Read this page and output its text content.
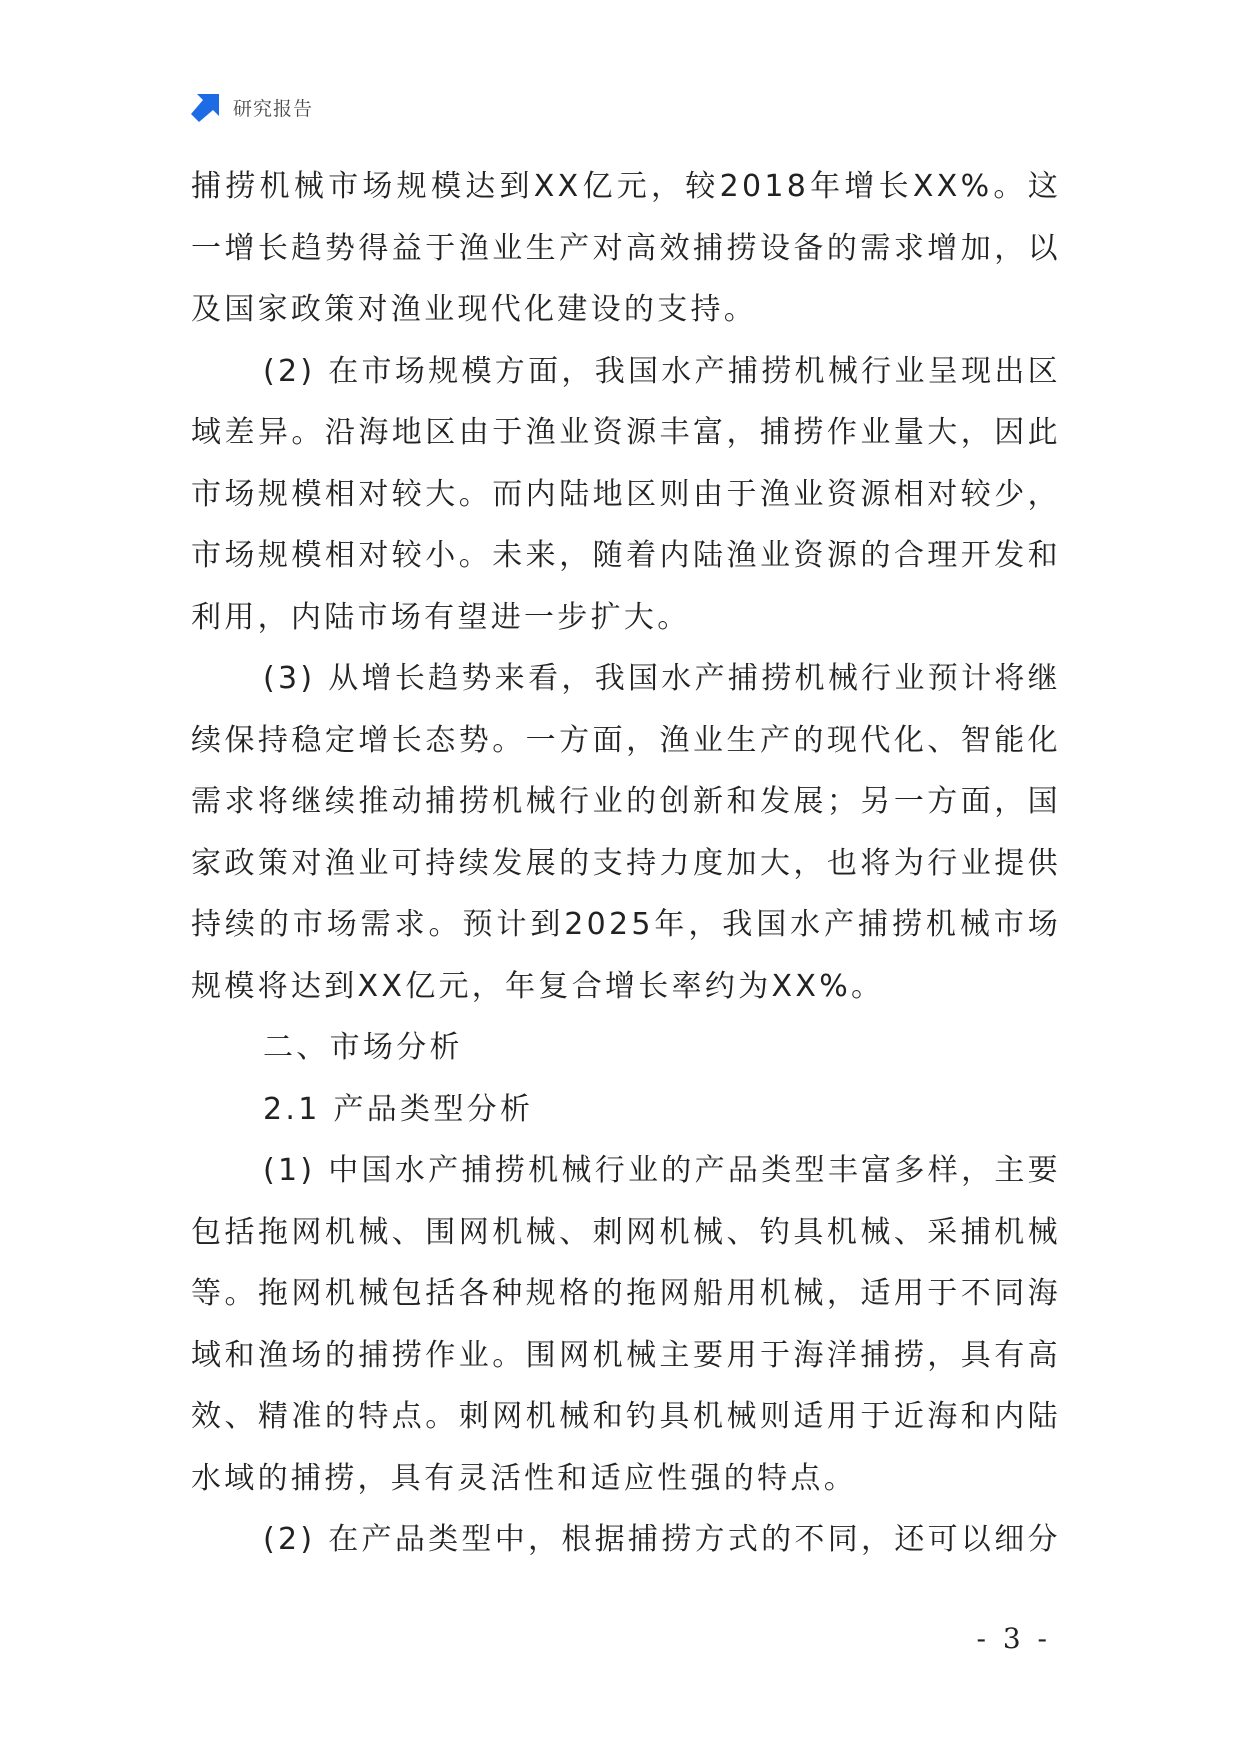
研究报告

捕捞机械市场规模达到XX亿元，较2018年增长XX%。这一增长趋势得益于渔业生产对高效捕捞设备的需求增加，以及国家政策对渔业现代化建设的支持。

(2) 在市场规模方面，我国水产捕捞机械行业呈现出区域差异。沿海地区由于渔业资源丰富，捕捞作业量大，因此市场规模相对较大。而内陆地区则由于渔业资源相对较少，市场规模相对较小。未来，随着内陆渔业资源的合理开发和利用，内陆市场有望进一步扩大。

(3) 从增长趋势来看，我国水产捕捞机械行业预计将继续保持稳定增长态势。一方面，渔业生产的现代化、智能化需求将继续推动捕捞机械行业的创新和发展；另一方面，国家政策对渔业可持续发展的支持力度加大，也将为行业提供持续的市场需求。预计到2025年，我国水产捕捞机械市场规模将达到XX亿元，年复合增长率约为XX%。

二、市场分析

2.1 产品类型分析

(1) 中国水产捕捞机械行业的产品类型丰富多样，主要包括拖网机械、围网机械、刺网机械、钓具机械、采捕机械等。拖网机械包括各种规格的拖网船用机械，适用于不同海域和渔场的捕捞作业。围网机械主要用于海洋捕捞，具有高效、精准的特点。刺网机械和钓具机械则适用于近海和内陆水域的捕捞，具有灵活性和适应性强的特点。

(2) 在产品类型中，根据捕捞方式的不同，还可以细分

- 3 -
